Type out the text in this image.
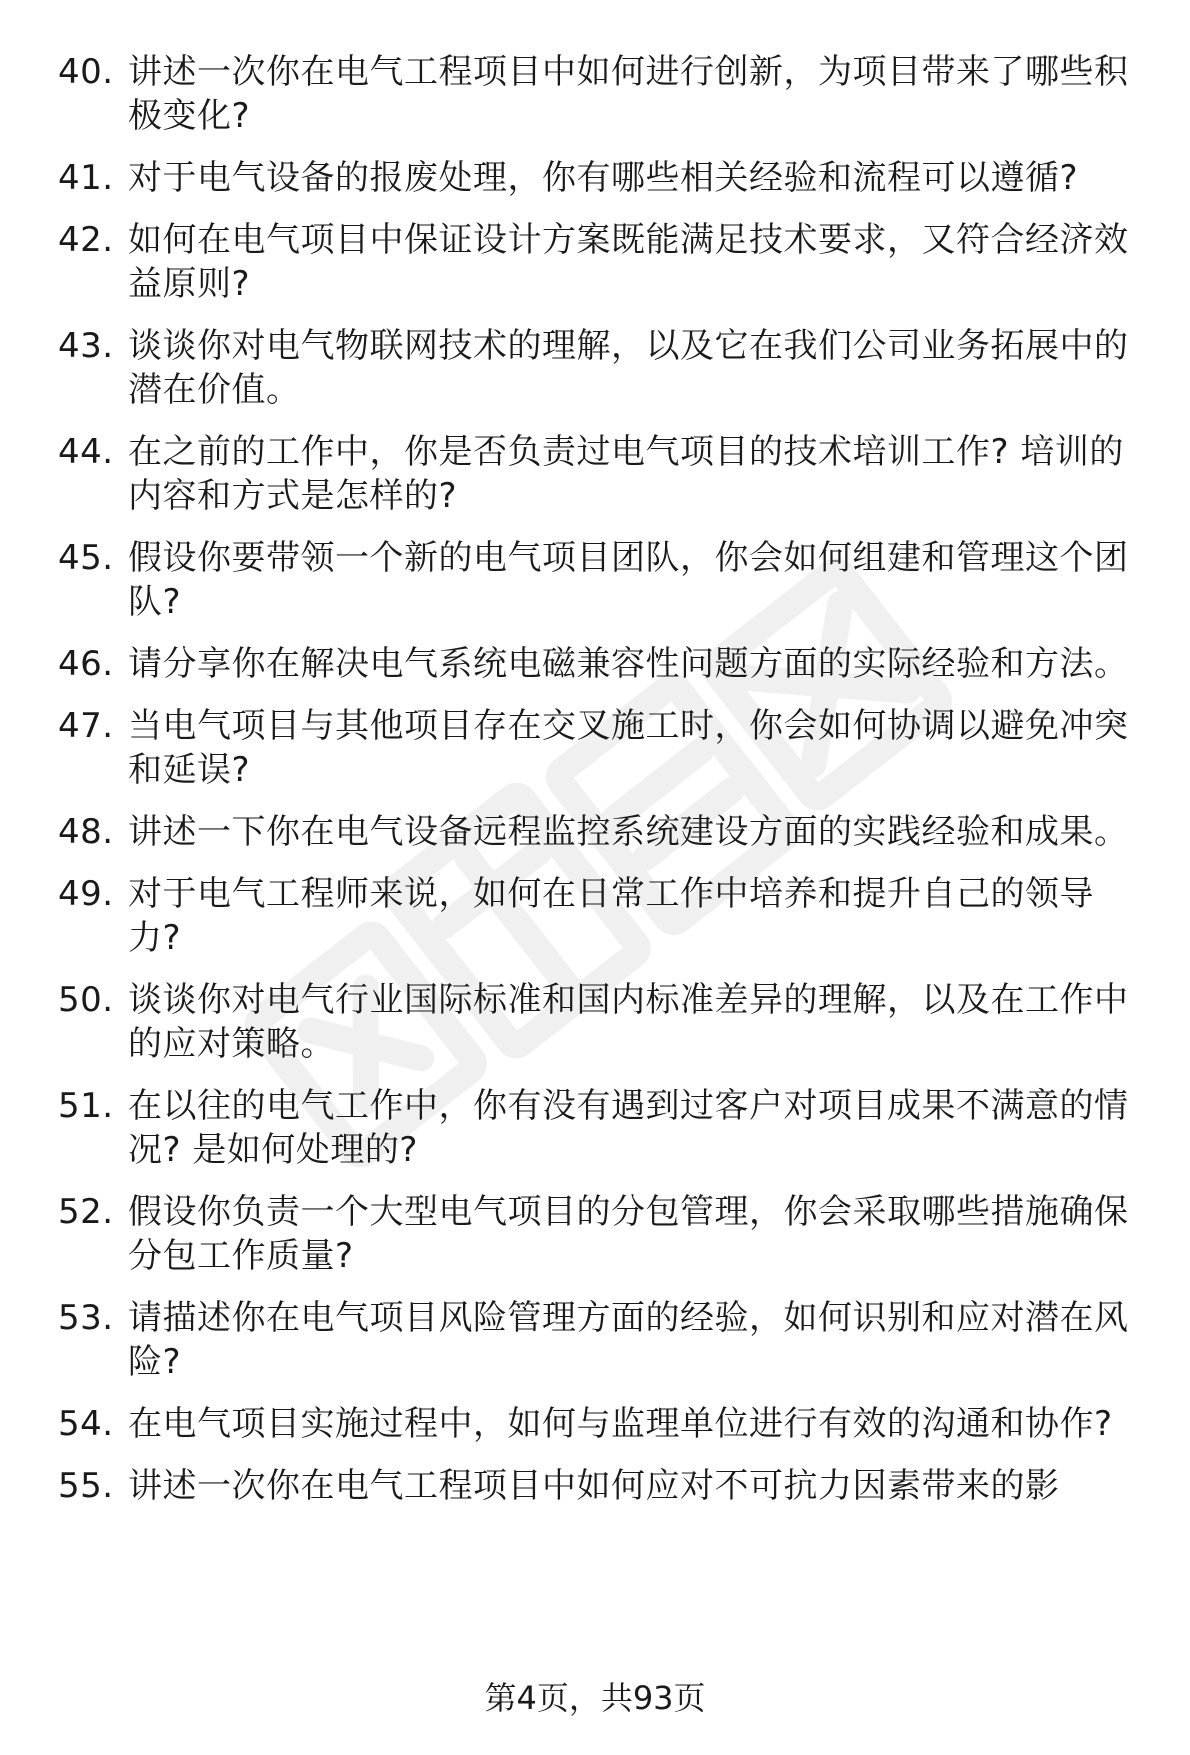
40. 讲述一次你在电气工程项目中如何进行创新，为项目带来了哪些积极变化?
41. 对于电气设备的报废处理，你有哪些相关经验和流程可以遵循?
42. 如何在电气项目中保证设计方案既能满足技术要求，又符合经济效益原则?
43. 谈谈你对电气物联网技术的理解，以及它在我们公司业务拓展中的潜在价值。
44. 在之前的工作中，你是否负责过电气项目的技术培训工作? 培训的内容和方式是怎样的?
45. 假设你要带领一个新的电气项目团队，你会如何组建和管理这个团队?
46. 请分享你在解决电气系统电磁兼容性问题方面的实际经验和方法。
47. 当电气项目与其他项目存在交叉施工时，你会如何协调以避免冲突和延误?
48. 讲述一下你在电气设备远程监控系统建设方面的实践经验和成果。
49. 对于电气工程师来说，如何在日常工作中培养和提升自己的领导力?
50. 谈谈你对电气行业国际标准和国内标准差异的理解，以及在工作中的应对策略。
51. 在以往的电气工作中，你有没有遇到过客户对项目成果不满意的情况? 是如何处理的?
52. 假设你负责一个大型电气项目的分包管理，你会采取哪些措施确保分包工作质量?
53. 请描述你在电气项目风险管理方面的经验，如何识别和应对潜在风险?
54. 在电气项目实施过程中，如何与监理单位进行有效的沟通和协作?
55. 讲述一次你在电气工程项目中如何应对不可抗力因素带来的影
第4页，共93页
